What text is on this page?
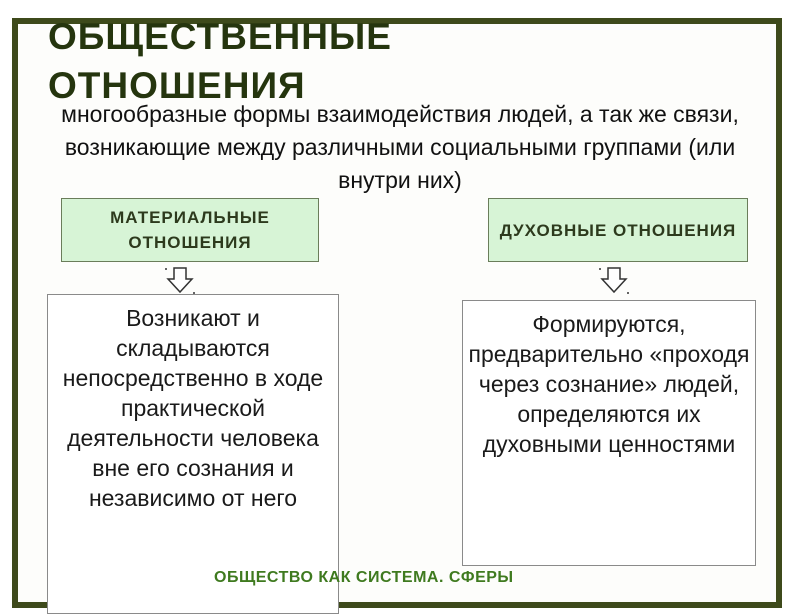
ОБЩЕСТВЕННЫЕ ОТНОШЕНИЯ
многообразные формы взаимодействия людей, а так же связи, возникающие между различными социальными группами (или внутри них)
МАТЕРИАЛЬНЫЕ ОТНОШЕНИЯ
ДУХОВНЫЕ ОТНОШЕНИЯ
Возникают и складываются непосредственно в ходе практической деятельности человека вне его сознания и независимо от него
Формируются, предварительно «проходя через сознание» людей, определяются их духовными ценностями
ОБЩЕСТВО КАК СИСТЕМА. СФЕРЫ
